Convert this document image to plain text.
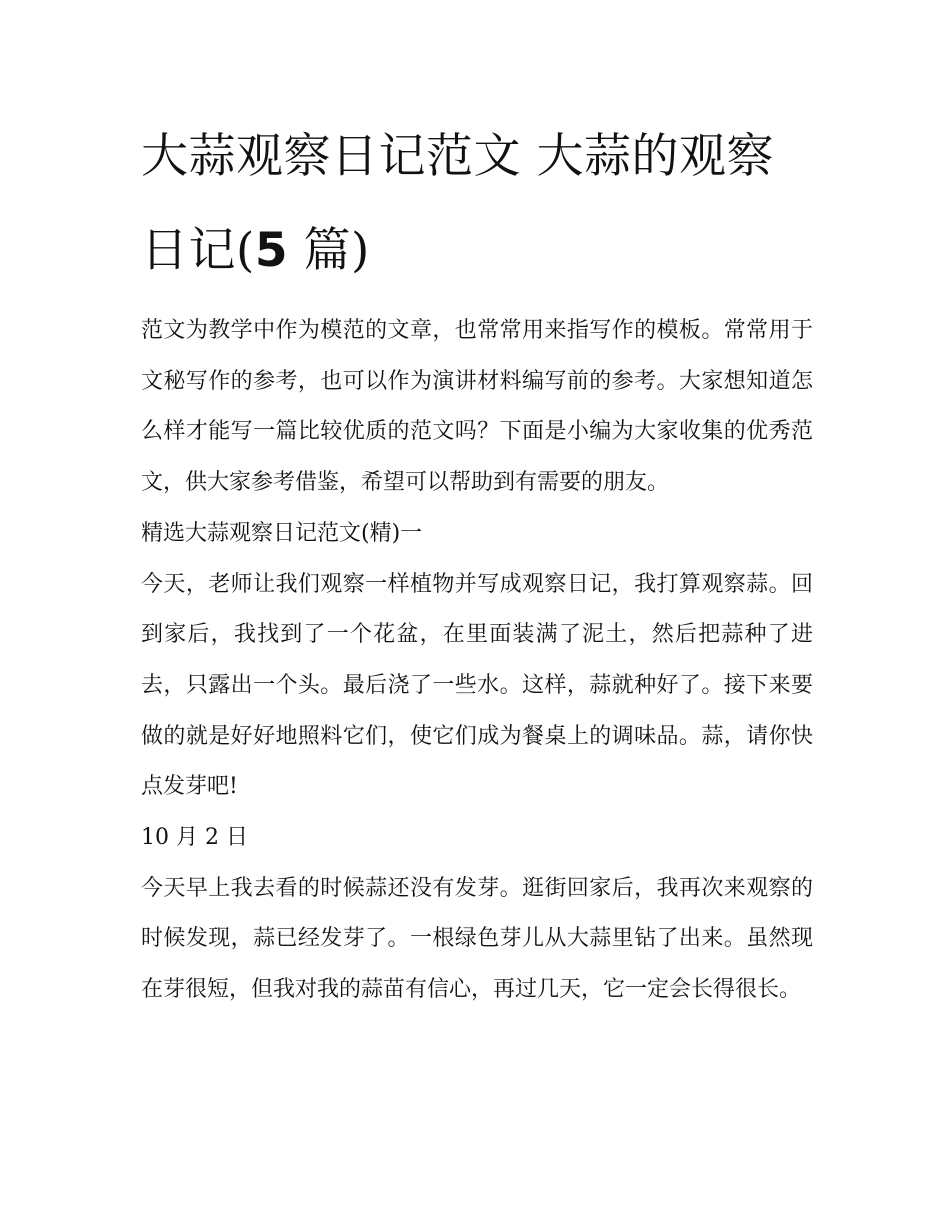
大蒜观察日记范文 大蒜的观察日记(5 篇)

范文为教学中作为模范的文章，也常常用来指写作的模板。常常用于文秘写作的参考，也可以作为演讲材料编写前的参考。大家想知道怎么样才能写一篇比较优质的范文吗？下面是小编为大家收集的优秀范文，供大家参考借鉴，希望可以帮助到有需要的朋友。

精选大蒜观察日记范文(精)一

今天，老师让我们观察一样植物并写成观察日记，我打算观察蒜。回到家后，我找到了一个花盆，在里面装满了泥土，然后把蒜种了进去，只露出一个头。最后浇了一些水。这样，蒜就种好了。接下来要做的就是好好地照料它们，使它们成为餐桌上的调味品。蒜，请你快点发芽吧!

10 月 2 日

今天早上我去看的时候蒜还没有发芽。逛街回家后，我再次来观察的时候发现，蒜已经发芽了。一根绿色芽儿从大蒜里钻了出来。虽然现在芽很短，但我对我的蒜苗有信心，再过几天，它一定会长得很长。
